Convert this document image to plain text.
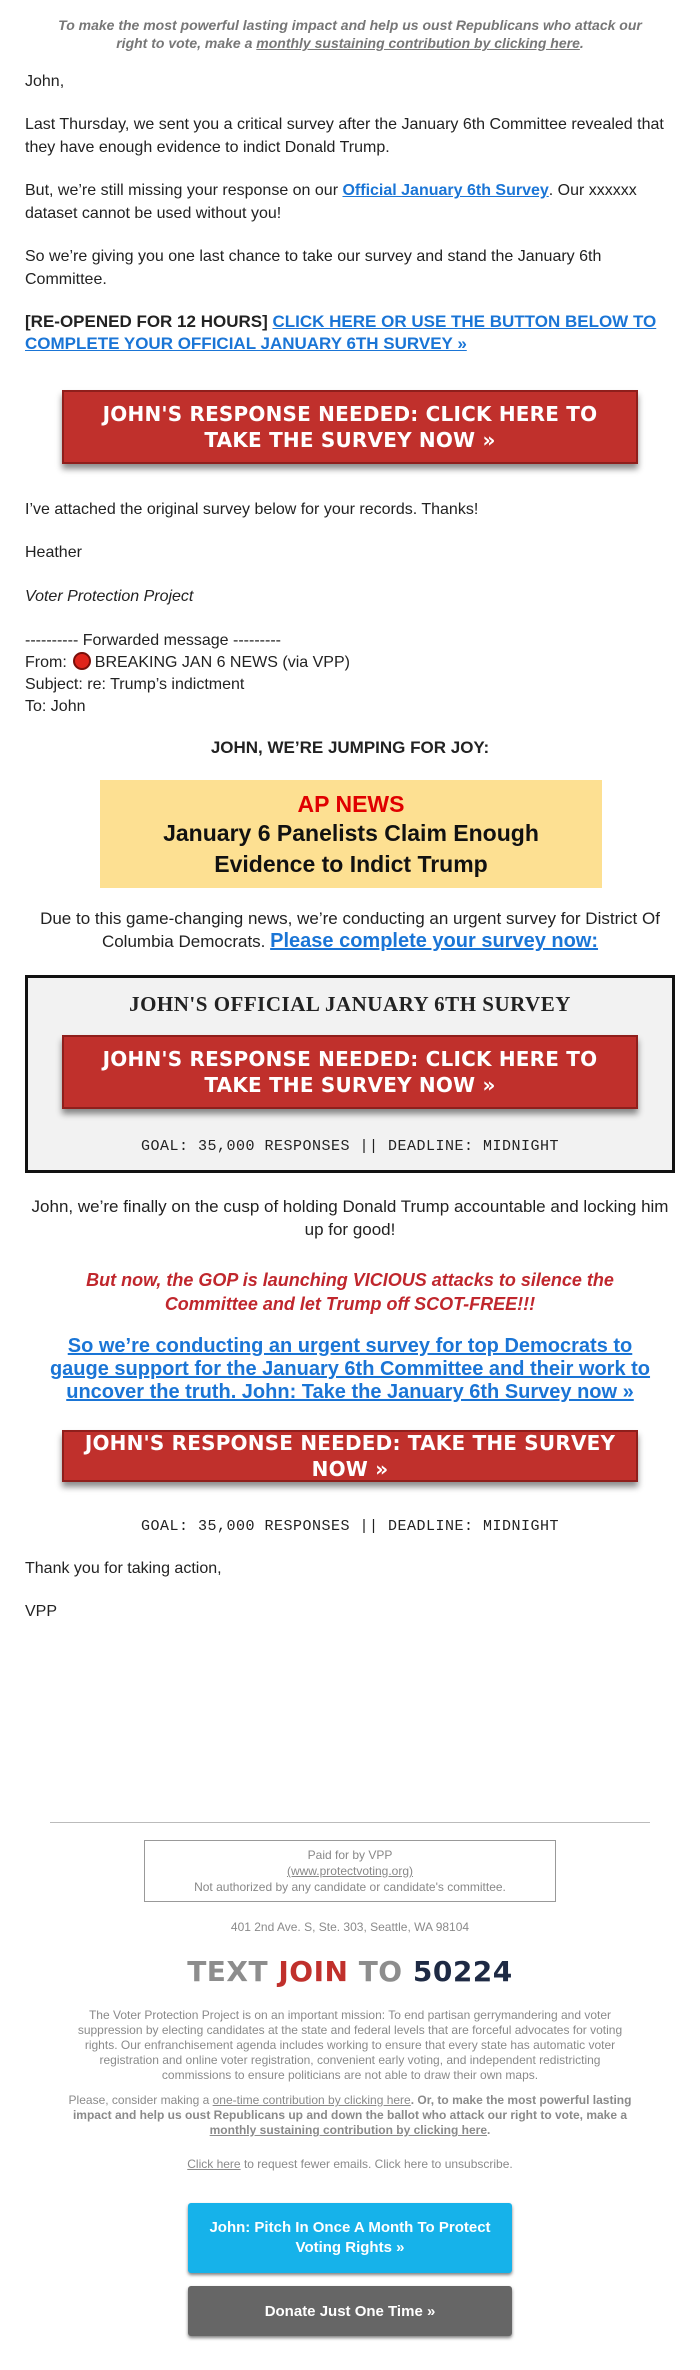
To make the most powerful lasting impact and help us oust Republicans who attack our right to vote, make a monthly sustaining contribution by clicking here.
John,
Last Thursday, we sent you a critical survey after the January 6th Committee revealed that they have enough evidence to indict Donald Trump.
But, we’re still missing your response on our Official January 6th Survey. Our xxxxxx dataset cannot be used without you!
So we’re giving you one last chance to take our survey and stand the January 6th Committee.
[RE-OPENED FOR 12 HOURS] CLICK HERE OR USE THE BUTTON BELOW TO COMPLETE YOUR OFFICIAL JANUARY 6TH SURVEY »
JOHN'S RESPONSE NEEDED: CLICK HERE TO TAKE THE SURVEY NOW »
I’ve attached the original survey below for your records. Thanks!
Heather
Voter Protection Project
---------- Forwarded message ---------
From: BREAKING JAN 6 NEWS (via VPP)
Subject: re: Trump’s indictment
To: John
JOHN, WE’RE JUMPING FOR JOY:
AP NEWS
January 6 Panelists Claim Enough
Evidence to Indict Trump
Due to this game-changing news, we’re conducting an urgent survey for District Of Columbia Democrats. Please complete your survey now:
JOHN'S OFFICIAL JANUARY 6TH SURVEY
JOHN'S RESPONSE NEEDED: CLICK HERE TO TAKE THE SURVEY NOW »
GOAL: 35,000 RESPONSES || DEADLINE: MIDNIGHT
John, we’re finally on the cusp of holding Donald Trump accountable and locking him up for good!
But now, the GOP is launching VICIOUS attacks to silence the Committee and let Trump off SCOT-FREE!!!
So we’re conducting an urgent survey for top Democrats to gauge support for the January 6th Committee and their work to uncover the truth. John: Take the January 6th Survey now »
JOHN'S RESPONSE NEEDED: TAKE THE SURVEY NOW »
GOAL: 35,000 RESPONSES || DEADLINE: MIDNIGHT
Thank you for taking action,
VPP
Paid for by VPP
(www.protectvoting.org)
Not authorized by any candidate or candidate's committee.
401 2nd Ave. S, Ste. 303, Seattle, WA 98104
TEXT JOIN TO 50224
The Voter Protection Project is on an important mission: To end partisan gerrymandering and voter suppression by electing candidates at the state and federal levels that are forceful advocates for voting rights. Our enfranchisement agenda includes working to ensure that every state has automatic voter registration and online voter registration, convenient early voting, and independent redistricting commissions to ensure politicians are not able to draw their own maps.
Please, consider making a one-time contribution by clicking here. Or, to make the most powerful lasting impact and help us oust Republicans up and down the ballot who attack our right to vote, make a monthly sustaining contribution by clicking here.
Click here to request fewer emails. Click here to unsubscribe.
John: Pitch In Once A Month To Protect Voting Rights »
Donate Just One Time »
